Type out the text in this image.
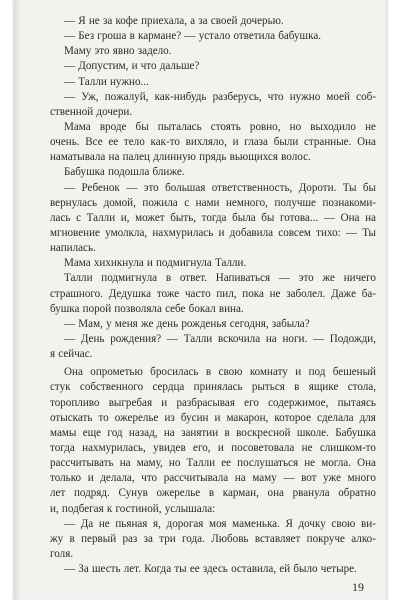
— Я не за кофе приехала, а за своей дочерью.
— Без гроша в кармане? — устало ответила бабушка.
Маму это явно задело.
— Допустим, и что дальше?
— Талли нужно...
— Уж, пожалуй, как-нибудь разберусь, что нужно моей соб-
ственной дочери.
Мама вроде бы пыталась стоять ровно, но выходило не
очень. Все ее тело как-то вихляло, и глаза были странные. Она
наматывала на палец длинную прядь вьющихся волос.
Бабушка подошла ближе.
— Ребенок — это большая ответственность, Дороти. Ты бы
вернулась домой, пожила с нами немного, получше познакоми-
лась с Талли и, может быть, тогда была бы готова... — Она на
мгновение умолкла, нахмурилась и добавила совсем тихо: — Ты
напилась.
Мама хихикнула и подмигнула Талли.
Талли подмигнула в ответ. Напиваться — это же ничего
страшного. Дедушка тоже часто пил, пока не заболел. Даже ба-
бушка порой позволяла себе бокал вина.
— Мам, у меня же день рожденья сегодня, забыла?
— День рождения? — Талли вскочила на ноги. — Подожди,
я сейчас.
Она опрометью бросилась в свою комнату и под бешеный
стук собственного сердца принялась рыться в ящике стола,
торопливо выгребая и разбрасывая его содержимое, пытаясь
отыскать то ожерелье из бусин и макарон, которое сделала для
мамы еще год назад, на занятии в воскресной школе. Бабушка
тогда нахмурилась, увидев его, и посоветовала не слишком-то
рассчитывать на маму, но Талли ее послушаться не могла. Она
только и делала, что рассчитывала на маму — вот уже много
лет подряд. Сунув ожерелье в карман, она рванула обратно
и, подбегая к гостиной, услышала:
— Да не пьяная я, дорогая моя маменька. Я дочку свою ви-
жу в первый раз за три года. Любовь вставляет покруче алко-
голя.
— За шесть лет. Когда ты ее здесь оставила, ей было четыре.
19
